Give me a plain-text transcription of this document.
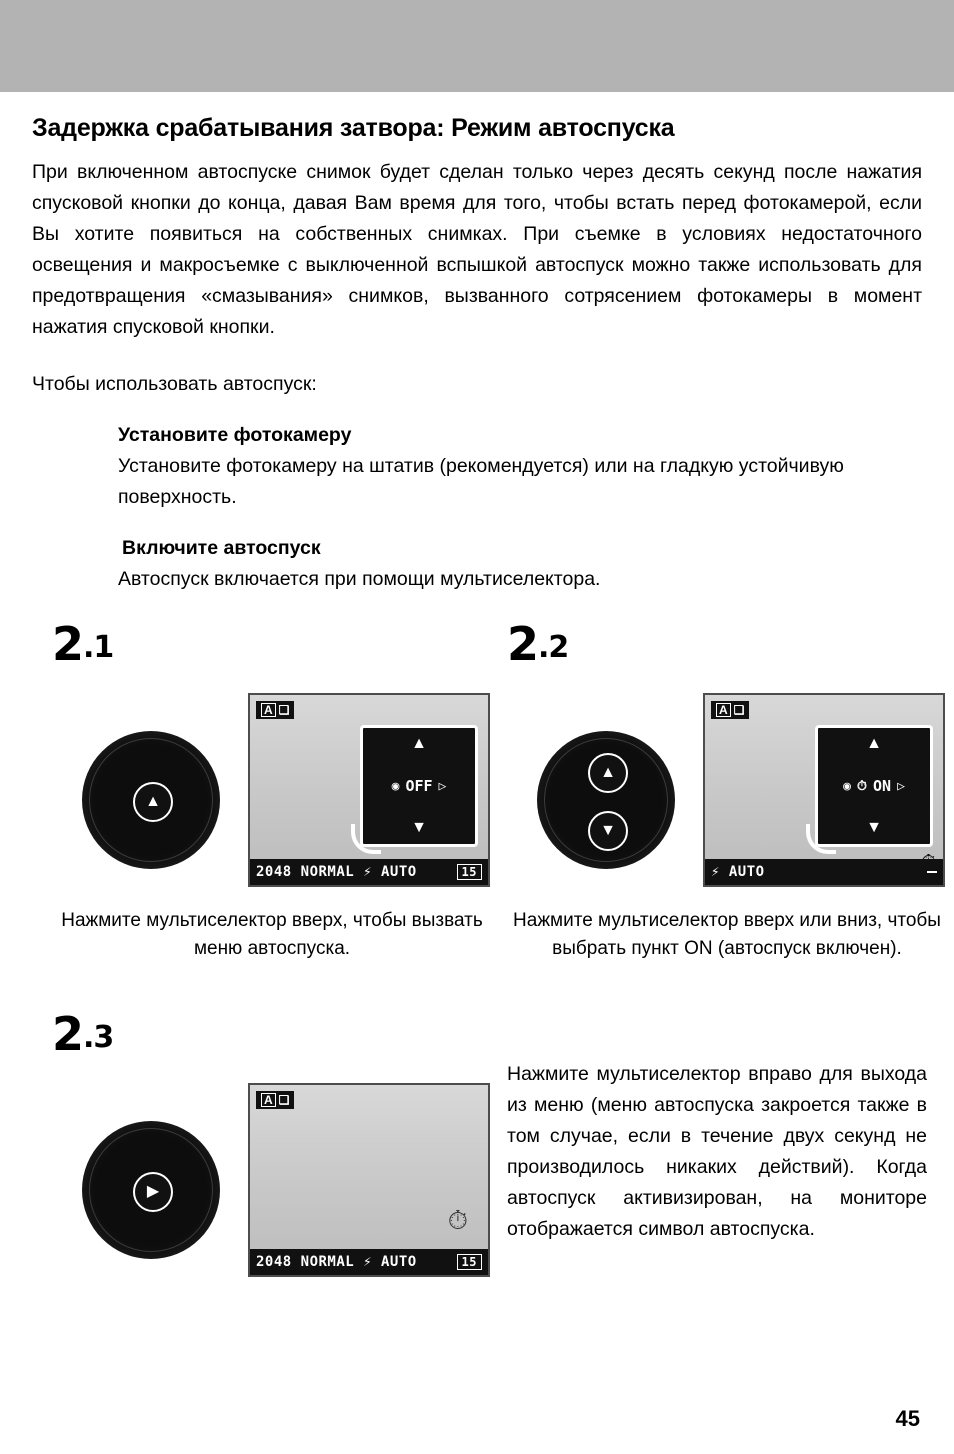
Задержка срабатывания затвора: Режим автоспуска

При включенном автоспуске снимок будет сделан только через десять секунд после нажатия спусковой кнопки до конца, давая Вам время для того, чтобы встать перед фотокамерой, если Вы хотите появиться на собственных снимках. При съемке в условиях недостаточного освещения и макросъемке с выключенной вспышкой автоспуск можно также использовать для предотвращения «смазывания» снимков, вызванного сотрясением фотокамеры в момент нажатия спусковой кнопки.

Чтобы использовать автоспуск:

Установите фотокамеру
Установите фотокамеру на штатив (рекомендуется) или на гладкую устойчивую поверхность.
Включите автоспуск
Автоспуск включается при помощи мультиселектора.
2.1
▲
A ❏
▲
◉ OFF ▷
▼
2048 NORMAL ⚡ AUTO	15

Нажмите мультиселектор вверх, чтобы вызвать меню автоспуска.

2.2
▲
▼
A ❏
▲
◉ ⏱ ON ▷
▼
⚡ AUTO

Нажмите мультиселектор вверх или вниз, чтобы выбрать пункт ON (автоспуск включен).

2.3
▶
A ❏
⏱
2048 NORMAL ⚡ AUTO	15
Нажмите мультиселектор вправо для выхода из меню (меню автоспуска закроется также в том случае, если в течение двух секунд не производилось никаких действий). Когда автоспуск активизирован, на мониторе отображается символ автоспуска.
45
